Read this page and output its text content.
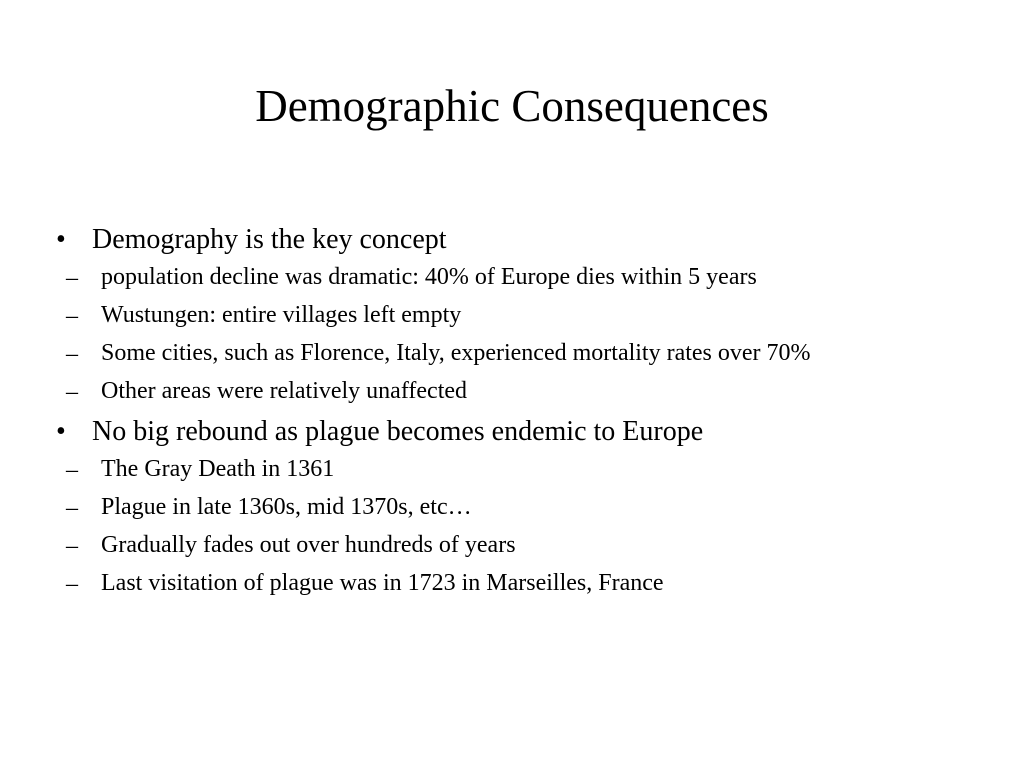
Demographic Consequences
• Demography is the key concept
– population decline was dramatic: 40% of Europe dies within 5 years
– Wustungen: entire villages left empty
– Some cities, such as Florence, Italy, experienced mortality rates over 70%
– Other areas were relatively unaffected
• No big rebound as plague becomes endemic to Europe
– The Gray Death in 1361
– Plague in late 1360s, mid 1370s, etc…
– Gradually fades out over hundreds of years
– Last visitation of plague was in 1723 in Marseilles, France
